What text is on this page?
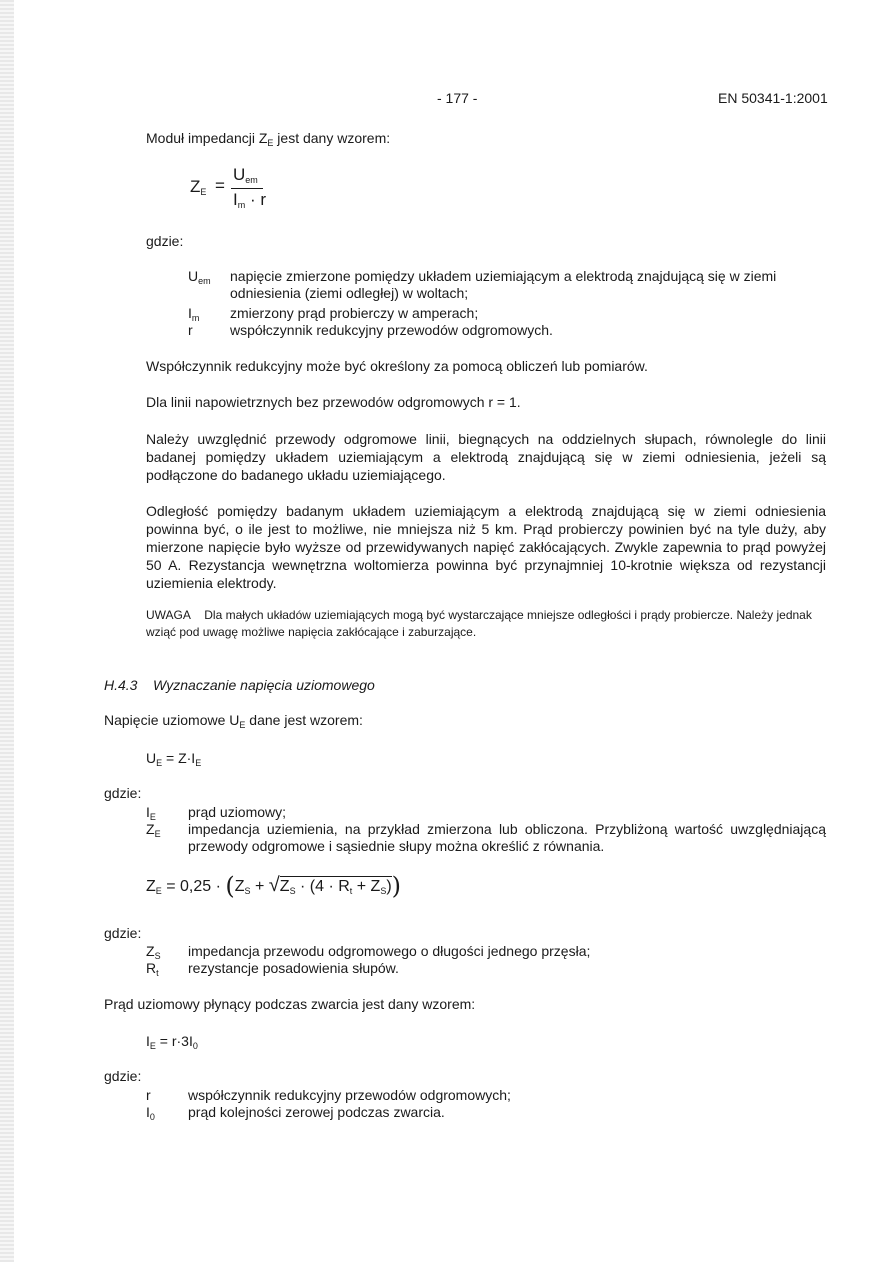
- 177 -	EN 50341-1:2001
Moduł impedancji $Z_E$ jest dany wzorem:
$Z_E$ =
$U_{em}$
$I_m \cdot r$
gdzie:
$U_{em}$ napięcie zmierzone pomiędzy układem uziemiającym a elektrodą znajdującą się w ziemi odniesienia (ziemi odległej) w woltach;
$I_m$ zmierzony prąd probierczy w amperach;
r	współczynnik redukcyjny przewodów odgromowych.
Współczynnik redukcyjny może być określony za pomocą obliczeń lub pomiarów.
Dla linii napowietrznych bez przewodów odgromowych r = 1.
Należy uwzględnić przewody odgromowe linii, biegnących na oddzielnych słupach, równolegle do linii badanej pomiędzy układem uziemiającym a elektrodą znajdującą się w ziemi odniesienia, jeżeli są podłączone do badanego układu uziemiającego.
Odległość pomiędzy badanym układem uziemiającym a elektrodą znajdującą się w ziemi odniesienia powinna być, o ile jest to możliwe, nie mniejsza niż 5 km. Prąd probierczy powinien być na tyle duży, aby mierzone napięcie było wyższe od przewidywanych napięć zakłócających. Zwykle zapewnia to prąd powyżej 50 A. Rezystancja wewnętrzna woltomierza powinna być przynajmniej 10-krotnie większa od rezystancji uziemienia elektrody.
UWAGA Dla małych układów uziemiających mogą być wystarczające mniejsze odległości i prądy probiercze. Należy jednak wziąć pod uwagę możliwe napięcia zakłócające i zaburzające.
H.4.3 Wyznaczanie napięcia uziomowego
Napięcie uziomowe $U_E$ dane jest wzorem:
$U_E = Z\cdot I_E$
gdzie:
$I_E$ prąd uziomowy;
$Z_E$ impedancja uziemienia, na przykład zmierzona lub obliczona. Przybliżoną wartość uwzględniającą przewody odgromowe i sąsiednie słupy można określić z równania.
$Z_E = 0,25 \cdot (Z_S + √Z_S \cdot (4 \cdot R_t + Z_S))$
gdzie:
$Z_S$ impedancja przewodu odgromowego o długości jednego przęsła;
$R_t$ rezystancje posadowienia słupów.
Prąd uziomowy płynący podczas zwarcia jest dany wzorem:
$I_E = r\cdot 3I_0$
gdzie:
r	współczynnik redukcyjny przewodów odgromowych;
$I_0$ prąd kolejności zerowej podczas zwarcia.
